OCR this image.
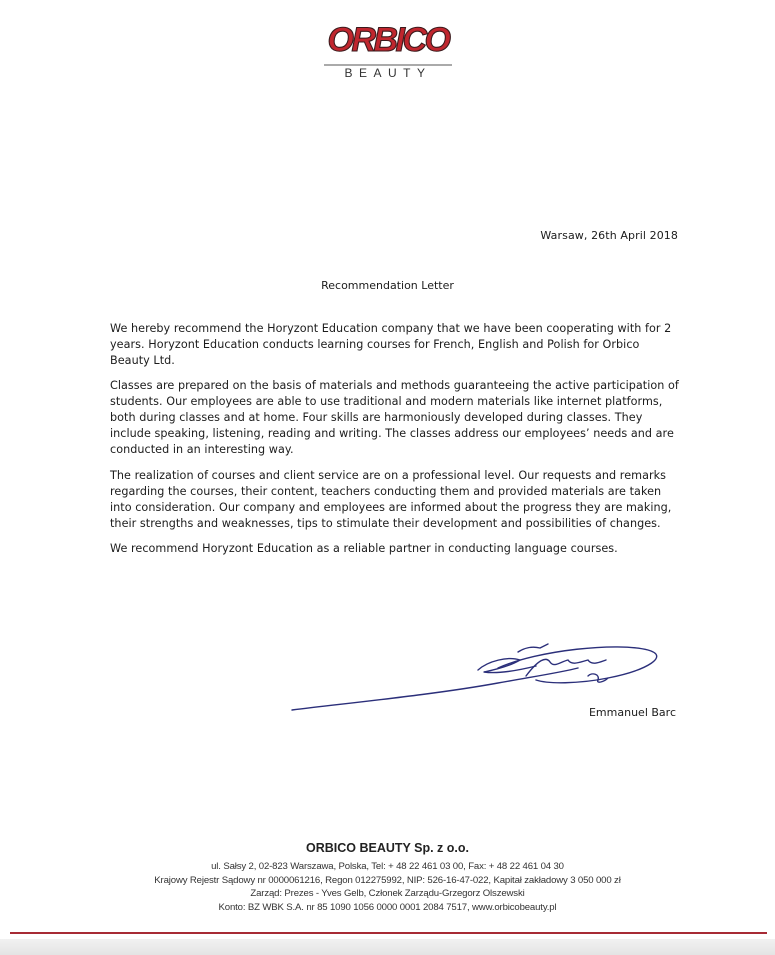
ORBICO
BEAUTY
Warsaw, 26th April 2018
Recommendation Letter

We hereby recommend the Horyzont Education company that we have been cooperating with for 2 years. Horyzont Education conducts learning courses for French, English and Polish for Orbico Beauty Ltd.

Classes are prepared on the basis of materials and methods guaranteeing the active participation of students. Our employees are able to use traditional and modern materials like internet platforms, both during classes and at home. Four skills are harmoniously developed during classes. They include speaking, listening, reading and writing. The classes address our employees’ needs and are conducted in an interesting way.

The realization of courses and client service are on a professional level. Our requests and remarks regarding the courses, their content, teachers conducting them and provided materials are taken into consideration. Our company and employees are informed about the progress they are making, their strengths and weaknesses, tips to stimulate their development and possibilities of changes.

We recommend Horyzont Education as a reliable partner in conducting language courses.

Emmanuel Barc
ORBICO BEAUTY Sp. z o.o.
ul. Sałsy 2, 02-823 Warszawa, Polska, Tel: + 48 22 461 03 00, Fax: + 48 22 461 04 30
Krajowy Rejestr Sądowy nr 0000061216, Regon 012275992, NIP: 526-16-47-022, Kapitał zakładowy 3 050 000 zł
Zarząd: Prezes - Yves Gelb, Członek Zarządu-Grzegorz Olszewski
Konto: BZ WBK S.A. nr 85 1090 1056 0000 0001 2084 7517, www.orbicobeauty.pl
